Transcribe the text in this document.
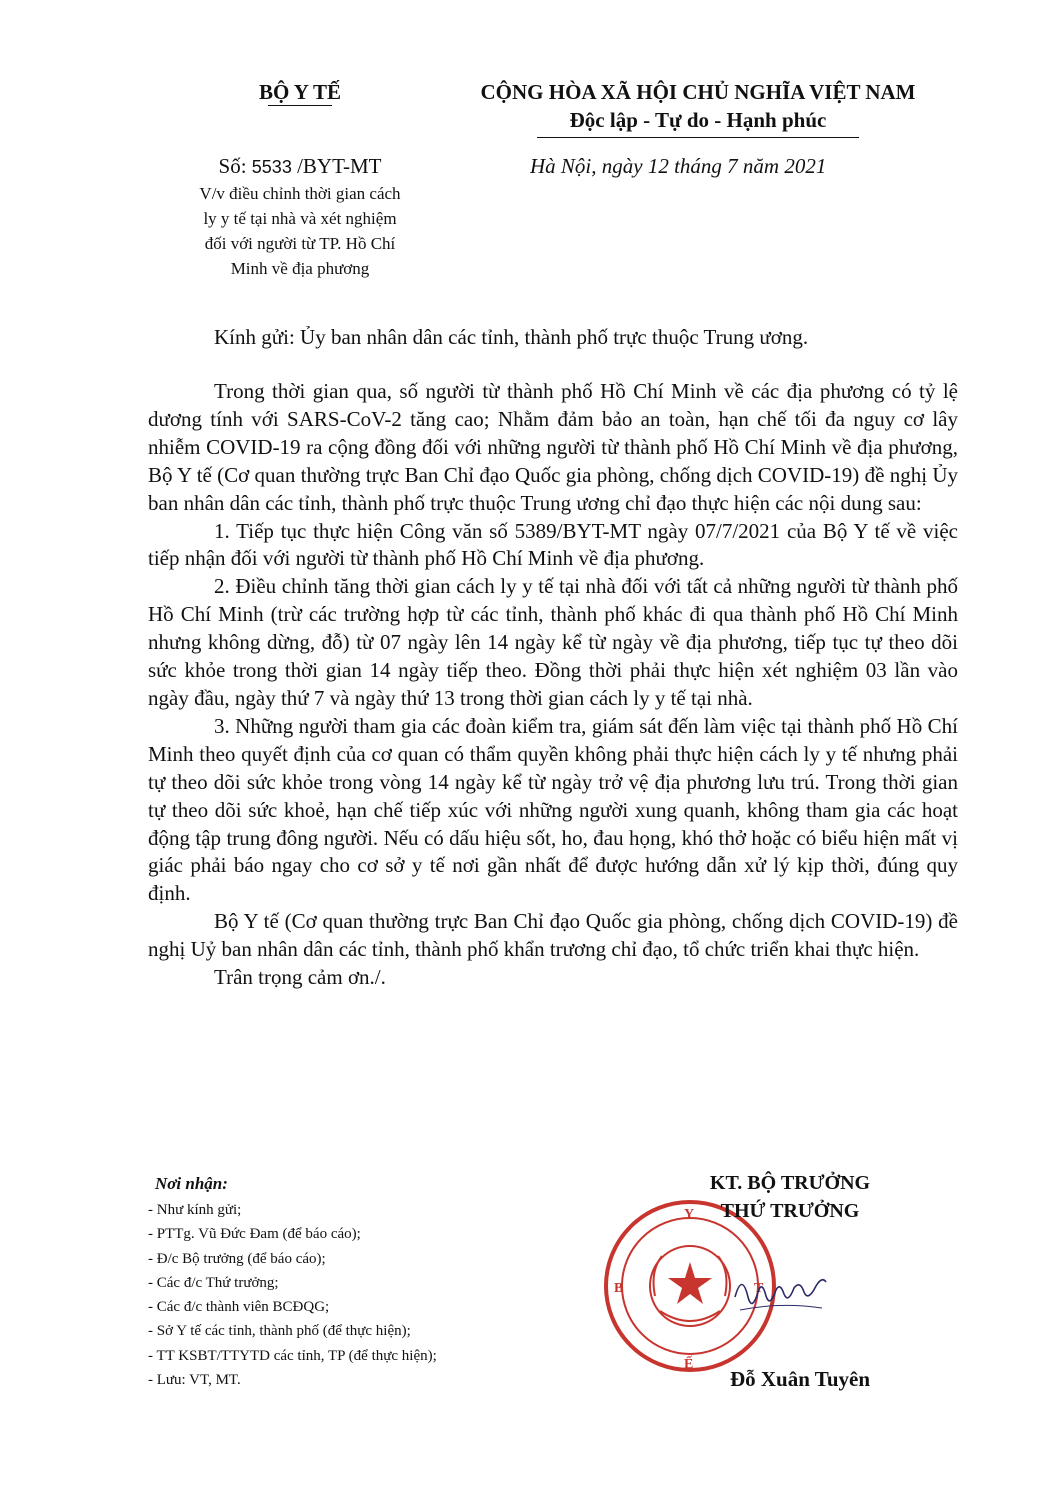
BỘ Y TẾ	CỘNG HÒA XÃ HỘI CHỦ NGHĨA VIỆT NAM
Độc lập - Tự do - Hạnh phúc
Số: 5533 /BYT-MT
V/v điều chỉnh thời gian cách
ly y tế tại nhà và xét nghiệm
đối với người từ TP. Hồ Chí
Minh về địa phương
Hà Nội, ngày 12 tháng 7 năm 2021
Kính gửi: Ủy ban nhân dân các tỉnh, thành phố trực thuộc Trung ương.

Trong thời gian qua, số người từ thành phố Hồ Chí Minh về các địa phương có tỷ lệ dương tính với SARS-CoV-2 tăng cao; Nhằm đảm bảo an toàn, hạn chế tối đa nguy cơ lây nhiễm COVID-19 ra cộng đồng đối với những người từ thành phố Hồ Chí Minh về địa phương, Bộ Y tế (Cơ quan thường trực Ban Chỉ đạo Quốc gia phòng, chống dịch COVID-19) đề nghị Ủy ban nhân dân các tỉnh, thành phố trực thuộc Trung ương chỉ đạo thực hiện các nội dung sau:

1. Tiếp tục thực hiện Công văn số 5389/BYT-MT ngày 07/7/2021 của Bộ Y tế về việc tiếp nhận đối với người từ thành phố Hồ Chí Minh về địa phương.

2. Điều chỉnh tăng thời gian cách ly y tế tại nhà đối với tất cả những người từ thành phố Hồ Chí Minh (trừ các trường hợp từ các tỉnh, thành phố khác đi qua thành phố Hồ Chí Minh nhưng không dừng, đỗ) từ 07 ngày lên 14 ngày kể từ ngày về địa phương, tiếp tục tự theo dõi sức khỏe trong thời gian 14 ngày tiếp theo. Đồng thời phải thực hiện xét nghiệm 03 lần vào ngày đầu, ngày thứ 7 và ngày thứ 13 trong thời gian cách ly y tế tại nhà.

3. Những người tham gia các đoàn kiểm tra, giám sát đến làm việc tại thành phố Hồ Chí Minh theo quyết định của cơ quan có thẩm quyền không phải thực hiện cách ly y tế nhưng phải tự theo dõi sức khỏe trong vòng 14 ngày kể từ ngày trở vệ địa phương lưu trú. Trong thời gian tự theo dõi sức khoẻ, hạn chế tiếp xúc với những người xung quanh, không tham gia các hoạt động tập trung đông người. Nếu có dấu hiệu sốt, ho, đau họng, khó thở hoặc có biểu hiện mất vị giác phải báo ngay cho cơ sở y tế nơi gần nhất để được hướng dẫn xử lý kịp thời, đúng quy định.

Bộ Y tế (Cơ quan thường trực Ban Chỉ đạo Quốc gia phòng, chống dịch COVID-19) đề nghị Uỷ ban nhân dân các tỉnh, thành phố khẩn trương chỉ đạo, tổ chức triển khai thực hiện.

Trân trọng cảm ơn./.

Nơi nhận:
- Như kính gửi;
- PTTg. Vũ Đức Đam (để báo cáo);
- Đ/c Bộ trưởng (để báo cáo);
- Các đ/c Thứ trưởng;
- Các đ/c thành viên BCĐQG;
- Sở Y tế các tỉnh, thành phố (để thực hiện);
- TT KSBT/TTYTD các tỉnh, TP (để thực hiện);
- Lưu: VT, MT.
B	T
Y
Ế
KT. BỘ TRƯỞNG
THỨ TRƯỞNG
Đỗ Xuân Tuyên
